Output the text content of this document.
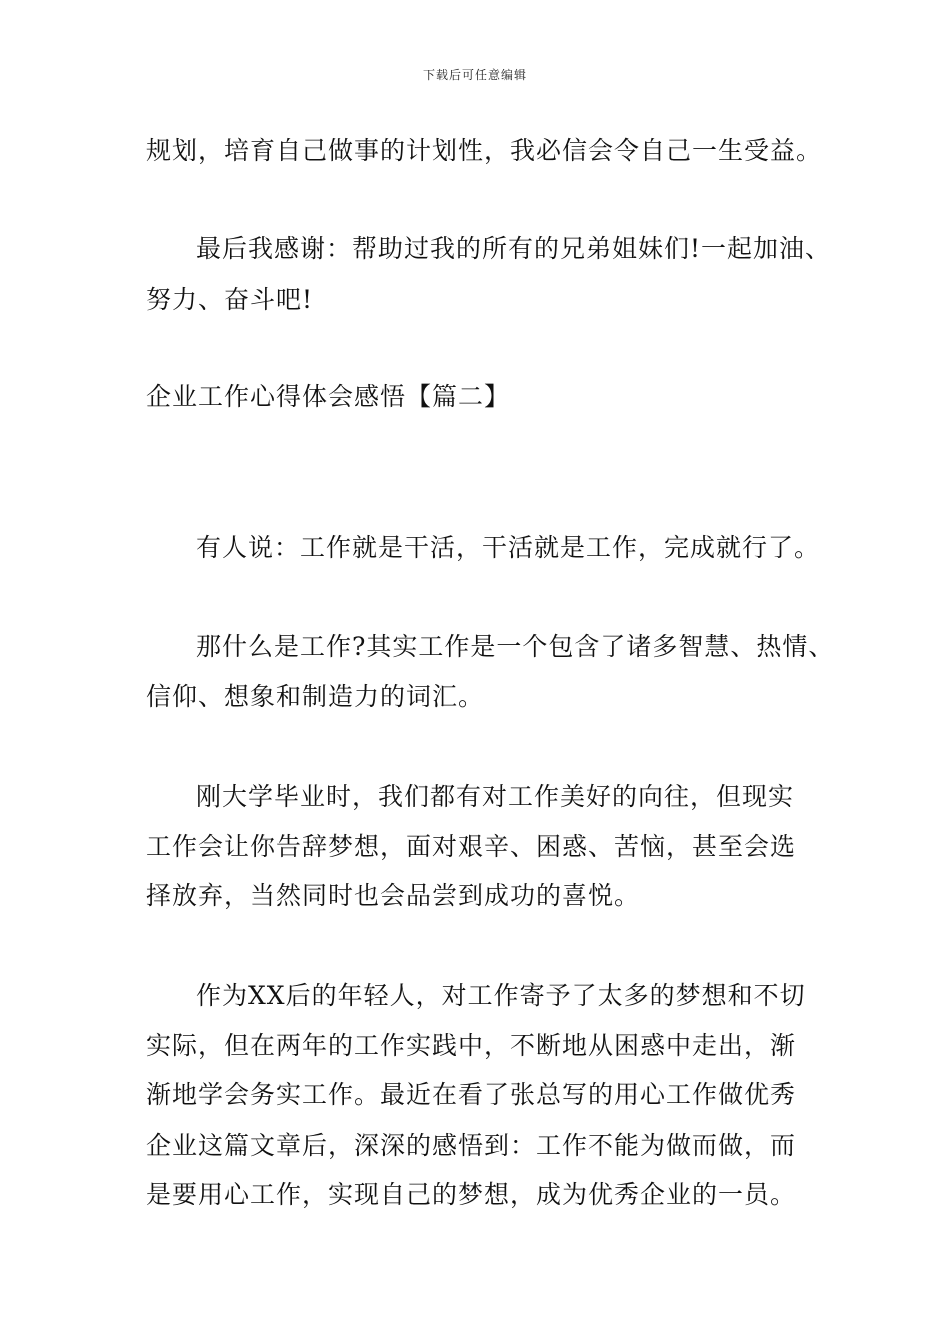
下载后可任意编辑
规划，培育自己做事的计划性，我必信会令自己一生受益。
最后我感谢：帮助过我的所有的兄弟姐妹们!一起加油、
努力、奋斗吧!
企业工作心得体会感悟【篇二】
有人说：工作就是干活，干活就是工作，完成就行了。
那什么是工作?其实工作是一个包含了诸多智慧、热情、
信仰、想象和制造力的词汇。
刚大学毕业时，我们都有对工作美好的向往，但现实
工作会让你告辞梦想，面对艰辛、困惑、苦恼，甚至会选
择放弃，当然同时也会品尝到成功的喜悦。
作为XX后的年轻人，对工作寄予了太多的梦想和不切
实际，但在两年的工作实践中，不断地从困惑中走出，渐
渐地学会务实工作。最近在看了张总写的用心工作做优秀
企业这篇文章后，深深的感悟到：工作不能为做而做，而
是要用心工作，实现自己的梦想，成为优秀企业的一员。
